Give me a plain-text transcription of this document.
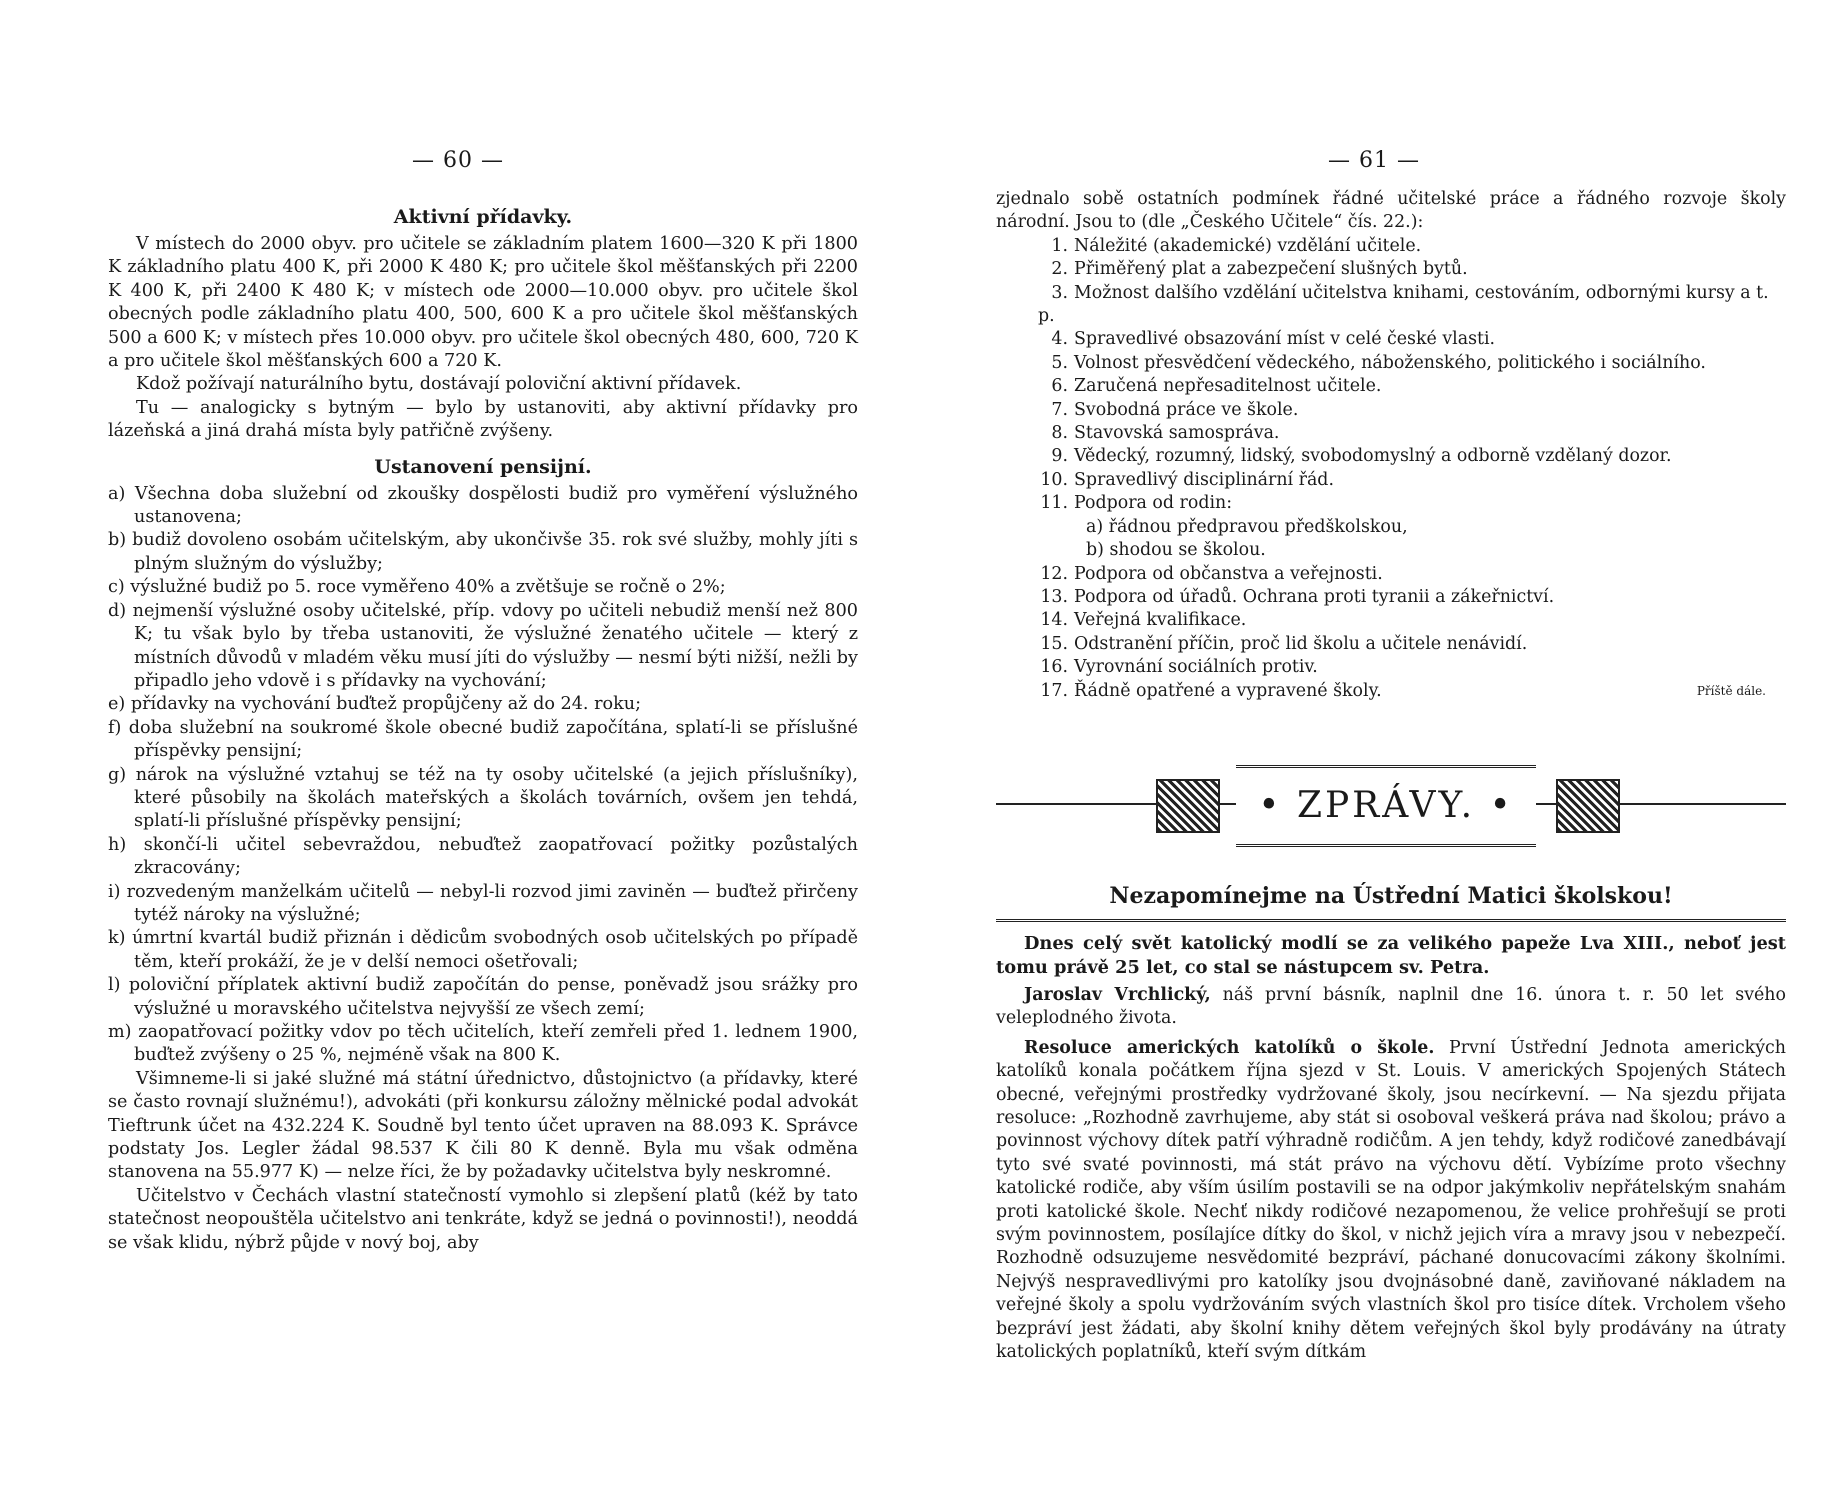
— 60 —
Aktivní přídavky.

V místech do 2000 obyv. pro učitele se základním platem 1600—320 K při 1800 K základního platu 400 K, při 2000 K 480 K; pro učitele škol měšťanských při 2200 K 400 K, při 2400 K 480 K; v místech ode 2000—10.000 obyv. pro učitele škol obecných podle základního platu 400, 500, 600 K a pro učitele škol měšťanských 500 a 600 K; v místech přes 10.000 obyv. pro učitele škol obecných 480, 600, 720 K a pro učitele škol měšťanských 600 a 720 K.

Kdož požívají naturálního bytu, dostávají poloviční aktivní přídavek.

Tu — analogicky s bytným — bylo by ustanoviti, aby aktivní přídavky pro lázeňská a jiná drahá místa byly patřičně zvýšeny.

Ustanovení pensijní.

a) Všechna doba služební od zkoušky dospělosti budiž pro vyměření výslužného ustanovena;

b) budiž dovoleno osobám učitelským, aby ukončivše 35. rok své služby, mohly jíti s plným služným do výslužby;

c) výslužné budiž po 5. roce vyměřeno 40% a zvětšuje se ročně o 2%;

d) nejmenší výslužné osoby učitelské, příp. vdovy po učiteli nebudiž menší než 800 K; tu však bylo by třeba ustanoviti, že výslužné ženatého učitele — který z místních důvodů v mladém věku musí jíti do výslužby — nesmí býti nižší, nežli by připadlo jeho vdově i s přídavky na vychování;

e) přídavky na vychování buďtež propůjčeny až do 24. roku;

f) doba služební na soukromé škole obecné budiž započítána, splatí-li se příslušné příspěvky pensijní;

g) nárok na výslužné vztahuj se též na ty osoby učitelské (a jejich příslušníky), které působily na školách mateřských a školách továrních, ovšem jen tehdá, splatí-li příslušné příspěvky pensijní;

h) skončí-li učitel sebevraždou, nebuďtež zaopatřovací požitky pozůstalých zkracovány;

i) rozvedeným manželkám učitelů — nebyl-li rozvod jimi zaviněn — buďtež přirčeny tytéž nároky na výslužné;

k) úmrtní kvartál budiž přiznán i dědicům svobodných osob učitelských po případě těm, kteří prokáží, že je v delší nemoci ošetřovali;

l) poloviční příplatek aktivní budiž započítán do pense, poněvadž jsou srážky pro výslužné u moravského učitelstva nejvyšší ze všech zemí;

m) zaopatřovací požitky vdov po těch učitelích, kteří zemřeli před 1. lednem 1900, buďtež zvýšeny o 25 %, nejméně však na 800 K.

Všimneme-li si jaké služné má státní úřednictvo, důstojnictvo (a přídavky, které se často rovnají služnému!), advokáti (při konkursu záložny mělnické podal advokát Tieftrunk účet na 432.224 K. Soudně byl tento účet upraven na 88.093 K. Správce podstaty Jos. Legler žádal 98.537 K čili 80 K denně. Byla mu však odměna stanovena na 55.977 K) — nelze říci, že by požadavky učitelstva byly neskromné.

Učitelstvo v Čechách vlastní statečností vymohlo si zlepšení platů (kéž by tato statečnost neopouštěla učitelstvo ani tenkráte, když se jedná o povinnosti!), neoddá se však klidu, nýbrž půjde v nový boj, aby

— 61 —

zjednalo sobě ostatních podmínek řádné učitelské práce a řádného rozvoje školy národní. Jsou to (dle „Českého Učitele“ čís. 22.):

1. Náležité (akademické) vzdělání učitele.

2. Přiměřený plat a zabezpečení slušných bytů.

3. Možnost dalšího vzdělání učitelstva knihami, cestováním, odbornými kursy a t. p.

4. Spravedlivé obsazování míst v celé české vlasti.

5. Volnost přesvědčení vědeckého, náboženského, politického i sociálního.

6. Zaručená nepřesaditelnost učitele.

7. Svobodná práce ve škole.

8. Stavovská samospráva.

9. Vědecký, rozumný, lidský, svobodomyslný a odborně vzdělaný dozor.

10. Spravedlivý disciplinární řád.

11. Podpora od rodin:

a) řádnou předpravou předškolskou,

b) shodou se školou.

12. Podpora od občanstva a veřejnosti.

13. Podpora od úřadů. Ochrana proti tyranii a zákeřnictví.

14. Veřejná kvalifikace.

15. Odstranění příčin, proč lid školu a učitele nenávidí.

16. Vyrovnání sociálních protiv.

17. Řádně opatřené a vypravené školy.	Příště dále.

• ZPRÁVY. •
Nezapomínejme na Ústřední Matici školskou!

Dnes celý svět katolický modlí se za velikého papeže Lva XIII., neboť jest tomu právě 25 let, co stal se nástupcem sv. Petra.

Jaroslav Vrchlický, náš první básník, naplnil dne 16. února t. r. 50 let svého veleplodného života.

Resoluce amerických katolíků o škole. První Ústřední Jednota amerických katolíků konala počátkem října sjezd v St. Louis. V amerických Spojených Státech obecné, veřejnými prostředky vydržované školy, jsou necírkevní. — Na sjezdu přijata resoluce: „Rozhodně zavrhujeme, aby stát si osoboval veškerá práva nad školou; právo a povinnost výchovy dítek patří výhradně rodičům. A jen tehdy, když rodičové zanedbávají tyto své svaté povinnosti, má stát právo na výchovu dětí. Vybízíme proto všechny katolické rodiče, aby vším úsilím postavili se na odpor jakýmkoliv nepřátelským snahám proti katolické škole. Nechť nikdy rodičové nezapomenou, že velice prohřešují se proti svým povinnostem, posílajíce dítky do škol, v nichž jejich víra a mravy jsou v nebezpečí. Rozhodně odsuzujeme nesvědomité bezpráví, páchané donucovacími zákony školními. Nejvýš nespravedlivými pro katolíky jsou dvojnásobné daně, zaviňované nákladem na veřejné školy a spolu vydržováním svých vlastních škol pro tisíce dítek. Vrcholem všeho bezpráví jest žádati, aby školní knihy dětem veřejných škol byly prodávány na útraty katolických poplatníků, kteří svým dítkám
